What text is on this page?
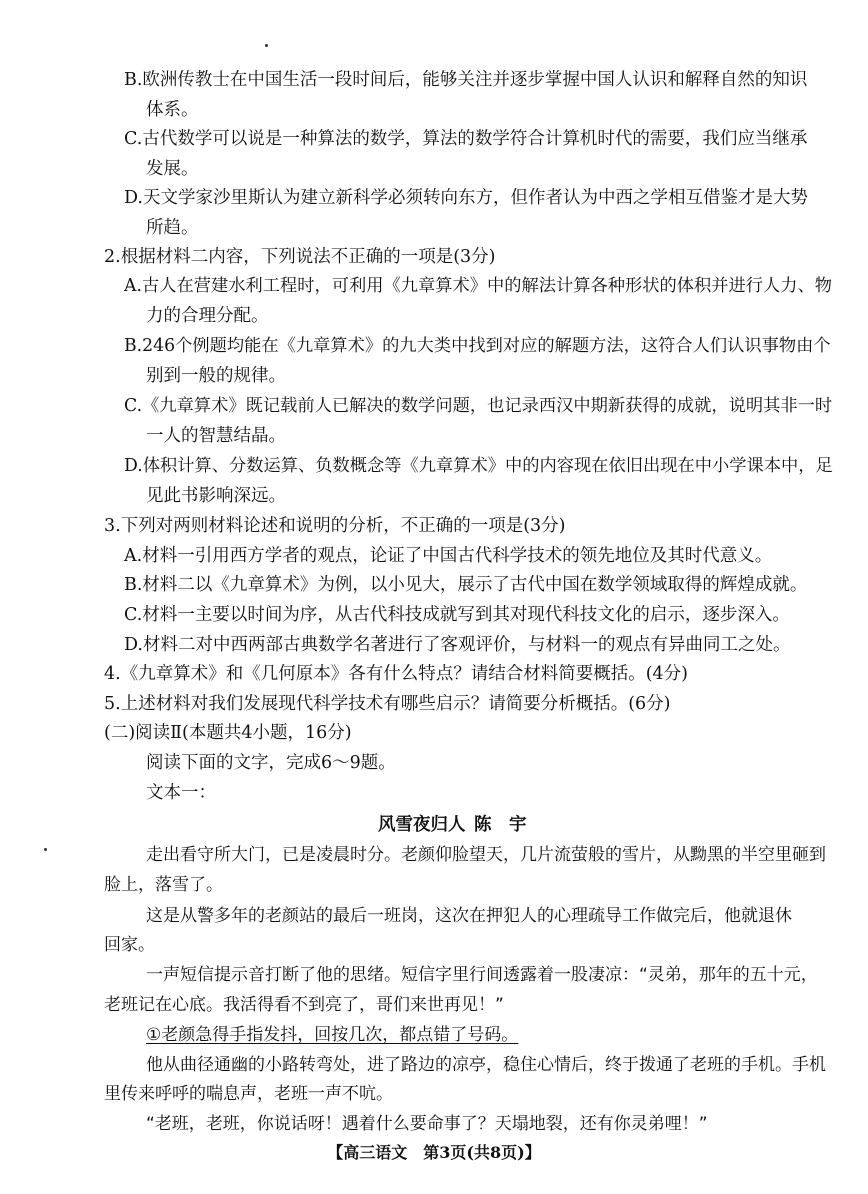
B.欧洲传教士在中国生活一段时间后，能够关注并逐步掌握中国人认识和解释自然的知识
体系。
C.古代数学可以说是一种算法的数学，算法的数学符合计算机时代的需要，我们应当继承
发展。
D.天文学家沙里斯认为建立新科学必须转向东方，但作者认为中西之学相互借鉴才是大势
所趋。
2.根据材料二内容，下列说法不正确的一项是(3分)
A.古人在营建水利工程时，可利用《九章算术》中的解法计算各种形状的体积并进行人力、物
力的合理分配。
B.246个例题均能在《九章算术》的九大类中找到对应的解题方法，这符合人们认识事物由个
别到一般的规律。
C.《九章算术》既记载前人已解决的数学问题，也记录西汉中期新获得的成就，说明其非一时
一人的智慧结晶。
D.体积计算、分数运算、负数概念等《九章算术》中的内容现在依旧出现在中小学课本中，足
见此书影响深远。
3.下列对两则材料论述和说明的分析，不正确的一项是(3分)
A.材料一引用西方学者的观点，论证了中国古代科学技术的领先地位及其时代意义。
B.材料二以《九章算术》为例，以小见大，展示了古代中国在数学领域取得的辉煌成就。
C.材料一主要以时间为序，从古代科技成就写到其对现代科技文化的启示，逐步深入。
D.材料二对中西两部古典数学名著进行了客观评价，与材料一的观点有异曲同工之处。
4.《九章算术》和《几何原本》各有什么特点？请结合材料简要概括。(4分)
5.上述材料对我们发展现代科学技术有哪些启示？请简要分析概括。(6分)
(二)阅读Ⅱ(本题共4小题，16分)
阅读下面的文字，完成6～9题。
文本一：
风雪夜归人 陈　宇
走出看守所大门，已是凌晨时分。老颜仰脸望天，几片流萤般的雪片，从黝黑的半空里砸到
脸上，落雪了。
这是从警多年的老颜站的最后一班岗，这次在押犯人的心理疏导工作做完后，他就退休
回家。
一声短信提示音打断了他的思绪。短信字里行间透露着一股凄凉：“灵弟，那年的五十元，
老班记在心底。我活得看不到亮了，哥们来世再见！”
①老颜急得手指发抖，回按几次，都点错了号码。
他从曲径通幽的小路转弯处，进了路边的凉亭，稳住心情后，终于拨通了老班的手机。手机
里传来呼呼的喘息声，老班一声不吭。
“老班，老班，你说话呀！遇着什么要命事了？天塌地裂，还有你灵弟哩！”
【高三语文　第3页(共8页)】
